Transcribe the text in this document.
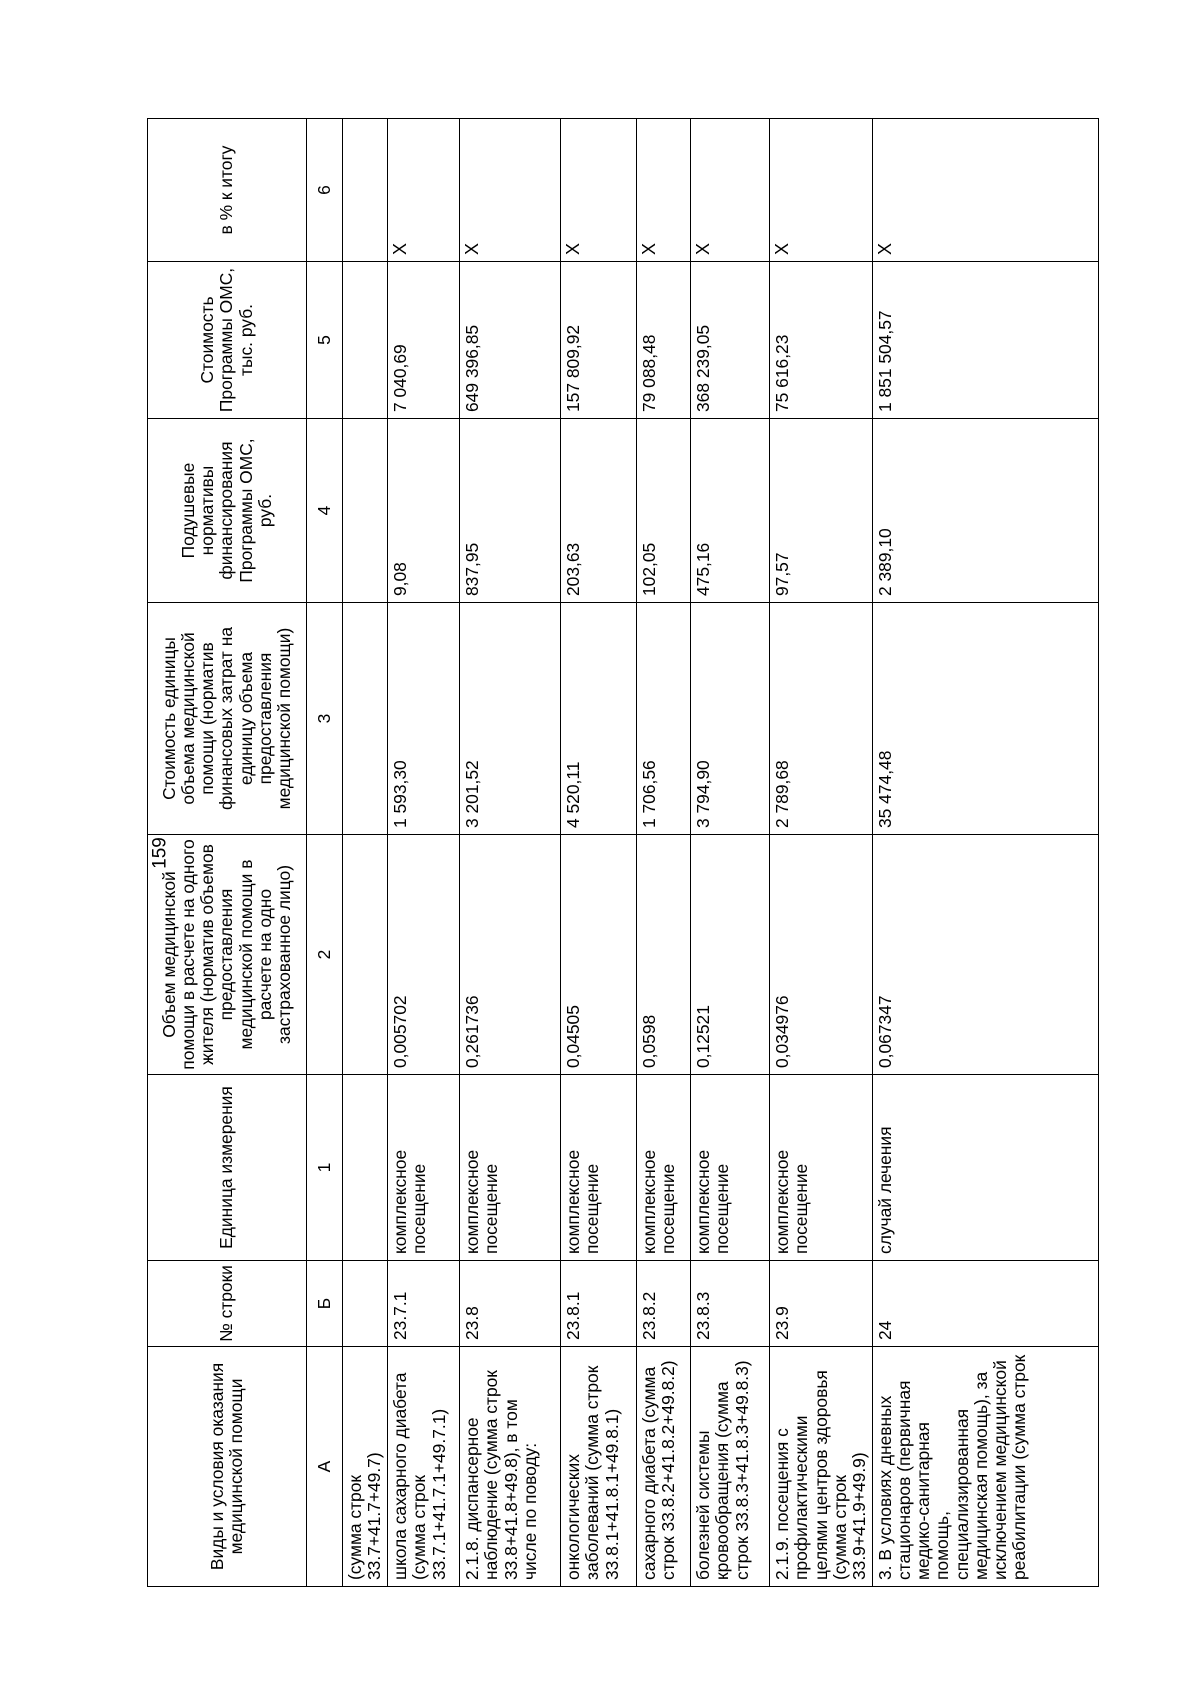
159
Виды и условия оказания медицинской помощи	№ строки	Единица измерения	Объем медицинской помощи в расчете на одного жителя (норматив объемов предоставления медицинской помощи в расчете на одно застрахованное лицо)	Стоимость единицы объема медицинской помощи (норматив финансовых затрат на единицу объема предоставления медицинской помощи)	Подушевые нормативы финансирования Программы ОМС, руб.	Стоимость Программы ОМС, тыс. руб.	в % к итогу
А	Б	1	2	3	4	5	6
(сумма строк 33.7+41.7+49.7)							
школа сахарного диабета (сумма строк 33.7.1+41.7.1+49.7.1)	23.7.1	комплексное посещение	0,005702	1 593,30	9,08	7 040,69	X
2.1.8. диспансерное наблюдение (сумма строк 33.8+41.8+49.8), в том числе по поводу:	23.8	комплексное посещение	0,261736	3 201,52	837,95	649 396,85	X
онкологических заболеваний (сумма строк 33.8.1+41.8.1+49.8.1)	23.8.1	комплексное посещение	0,04505	4 520,11	203,63	157 809,92	X
сахарного диабета (сумма строк 33.8.2+41.8.2+49.8.2)	23.8.2	комплексное посещение	0,0598	1 706,56	102,05	79 088,48	X
болезней системы кровообращения (сумма строк 33.8.3+41.8.3+49.8.3)	23.8.3	комплексное посещение	0,12521	3 794,90	475,16	368 239,05	X
2.1.9. посещения с профилактическими целями центров здоровья (сумма строк 33.9+41.9+49.9)	23.9	комплексное посещение	0,034976	2 789,68	97,57	75 616,23	X
3. В условиях дневных стационаров (первичная медико-санитарная помощь, специализированная медицинская помощь), за исключением медицинской реабилитации (сумма строк	24	случай лечения	0,067347	35 474,48	2 389,10	1 851 504,57	X
